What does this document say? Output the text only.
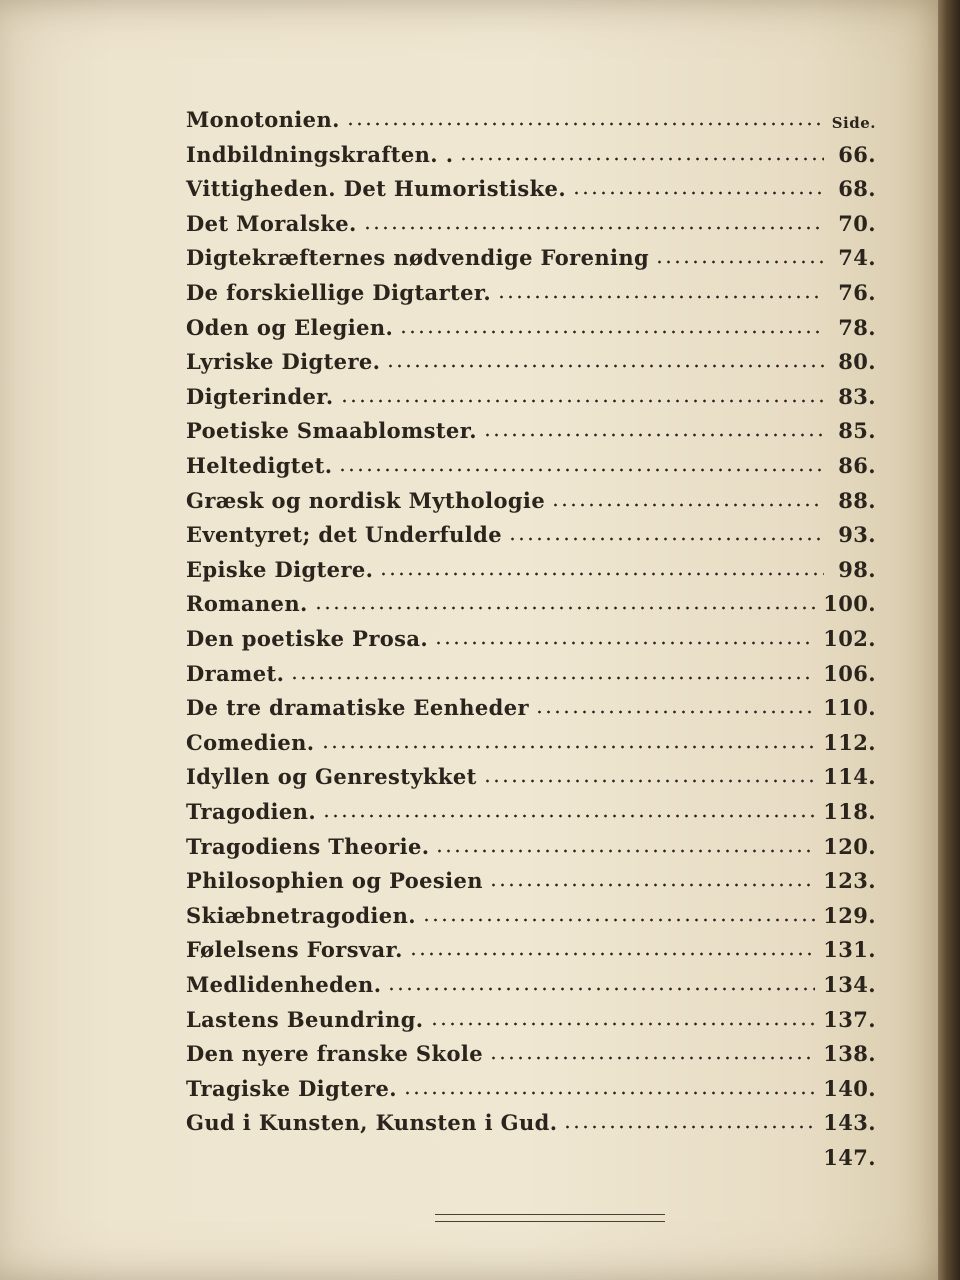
Monotonien.	Side.
Indbildningskraften. .	66.
Vittigheden. Det Humoristiske.	68.
Det Moralske.	70.
Digtekræfternes nødvendige Forening	74.
De forskiellige Digtarter.	76.
Oden og Elegien.	78.
Lyriske Digtere.	80.
Digterinder.	83.
Poetiske Smaablomster.	85.
Heltedigtet.	86.
Græsk og nordisk Mythologie	88.
Eventyret; det Underfulde	93.
Episke Digtere.	98.
Romanen.	100.
Den poetiske Prosa.	102.
Dramet.	106.
De tre dramatiske Eenheder	110.
Comedien.	112.
Idyllen og Genrestykket	114.
Tragodien.	118.
Tragodiens Theorie.	120.
Philosophien og Poesien	123.
Skiæbnetragodien.	129.
Følelsens Forsvar.	131.
Medlidenheden.	134.
Lastens Beundring.	137.
Den nyere franske Skole	138.
Tragiske Digtere.	140.
Gud i Kunsten, Kunsten i Gud.	143.
147.
